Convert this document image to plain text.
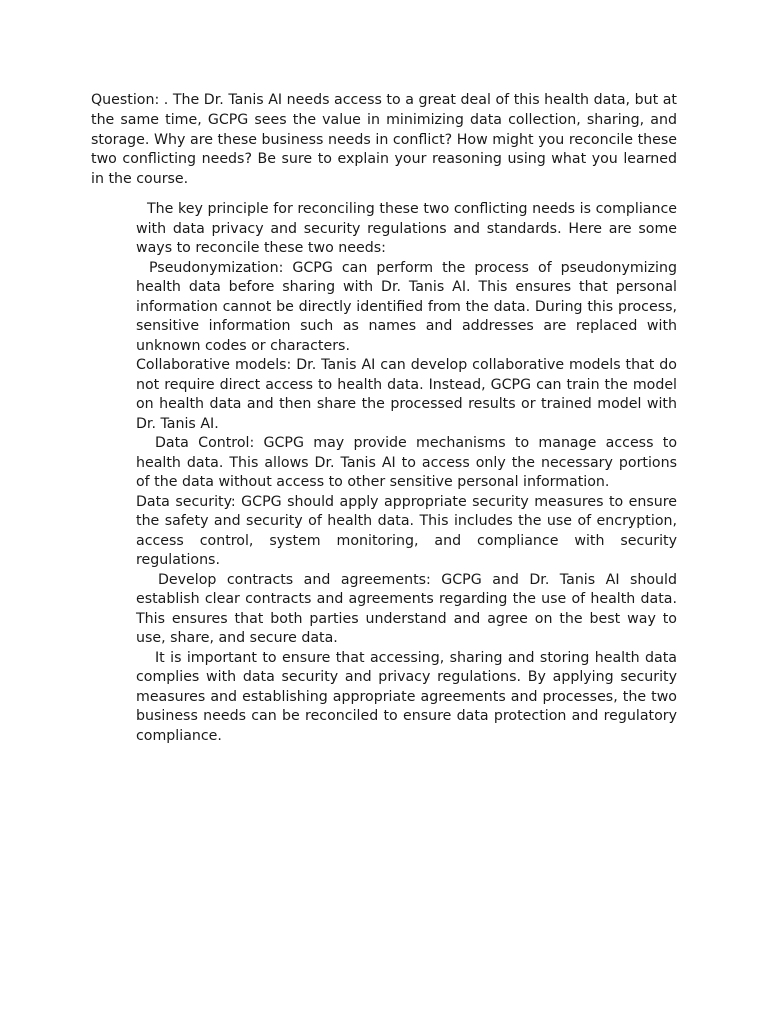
Question: . The Dr. Tanis AI needs access to a great deal of this health data, but at the same time, GCPG sees the value in minimizing data collection, sharing, and storage. Why are these business needs in conflict? How might you reconcile these two conflicting needs? Be sure to explain your reasoning using what you learned in the course.

The key principle for reconciling these two conflicting needs is compliance with data privacy and security regulations and standards. Here are some ways to reconcile these two needs:

Pseudonymization: GCPG can perform the process of pseudonymizing health data before sharing with Dr. Tanis AI. This ensures that personal information cannot be directly identified from the data. During this process, sensitive information such as names and addresses are replaced with unknown codes or characters.

Collaborative models: Dr. Tanis AI can develop collaborative models that do not require direct access to health data. Instead, GCPG can train the model on health data and then share the processed results or trained model with Dr. Tanis AI.

Data Control: GCPG may provide mechanisms to manage access to health data. This allows Dr. Tanis AI to access only the necessary portions of the data without access to other sensitive personal information.

Data security: GCPG should apply appropriate security measures to ensure the safety and security of health data. This includes the use of encryption, access control, system monitoring, and compliance with security regulations.

Develop contracts and agreements: GCPG and Dr. Tanis AI should establish clear contracts and agreements regarding the use of health data. This ensures that both parties understand and agree on the best way to use, share, and secure data.

It is important to ensure that accessing, sharing and storing health data complies with data security and privacy regulations. By applying security measures and establishing appropriate agreements and processes, the two business needs can be reconciled to ensure data protection and regulatory compliance.
